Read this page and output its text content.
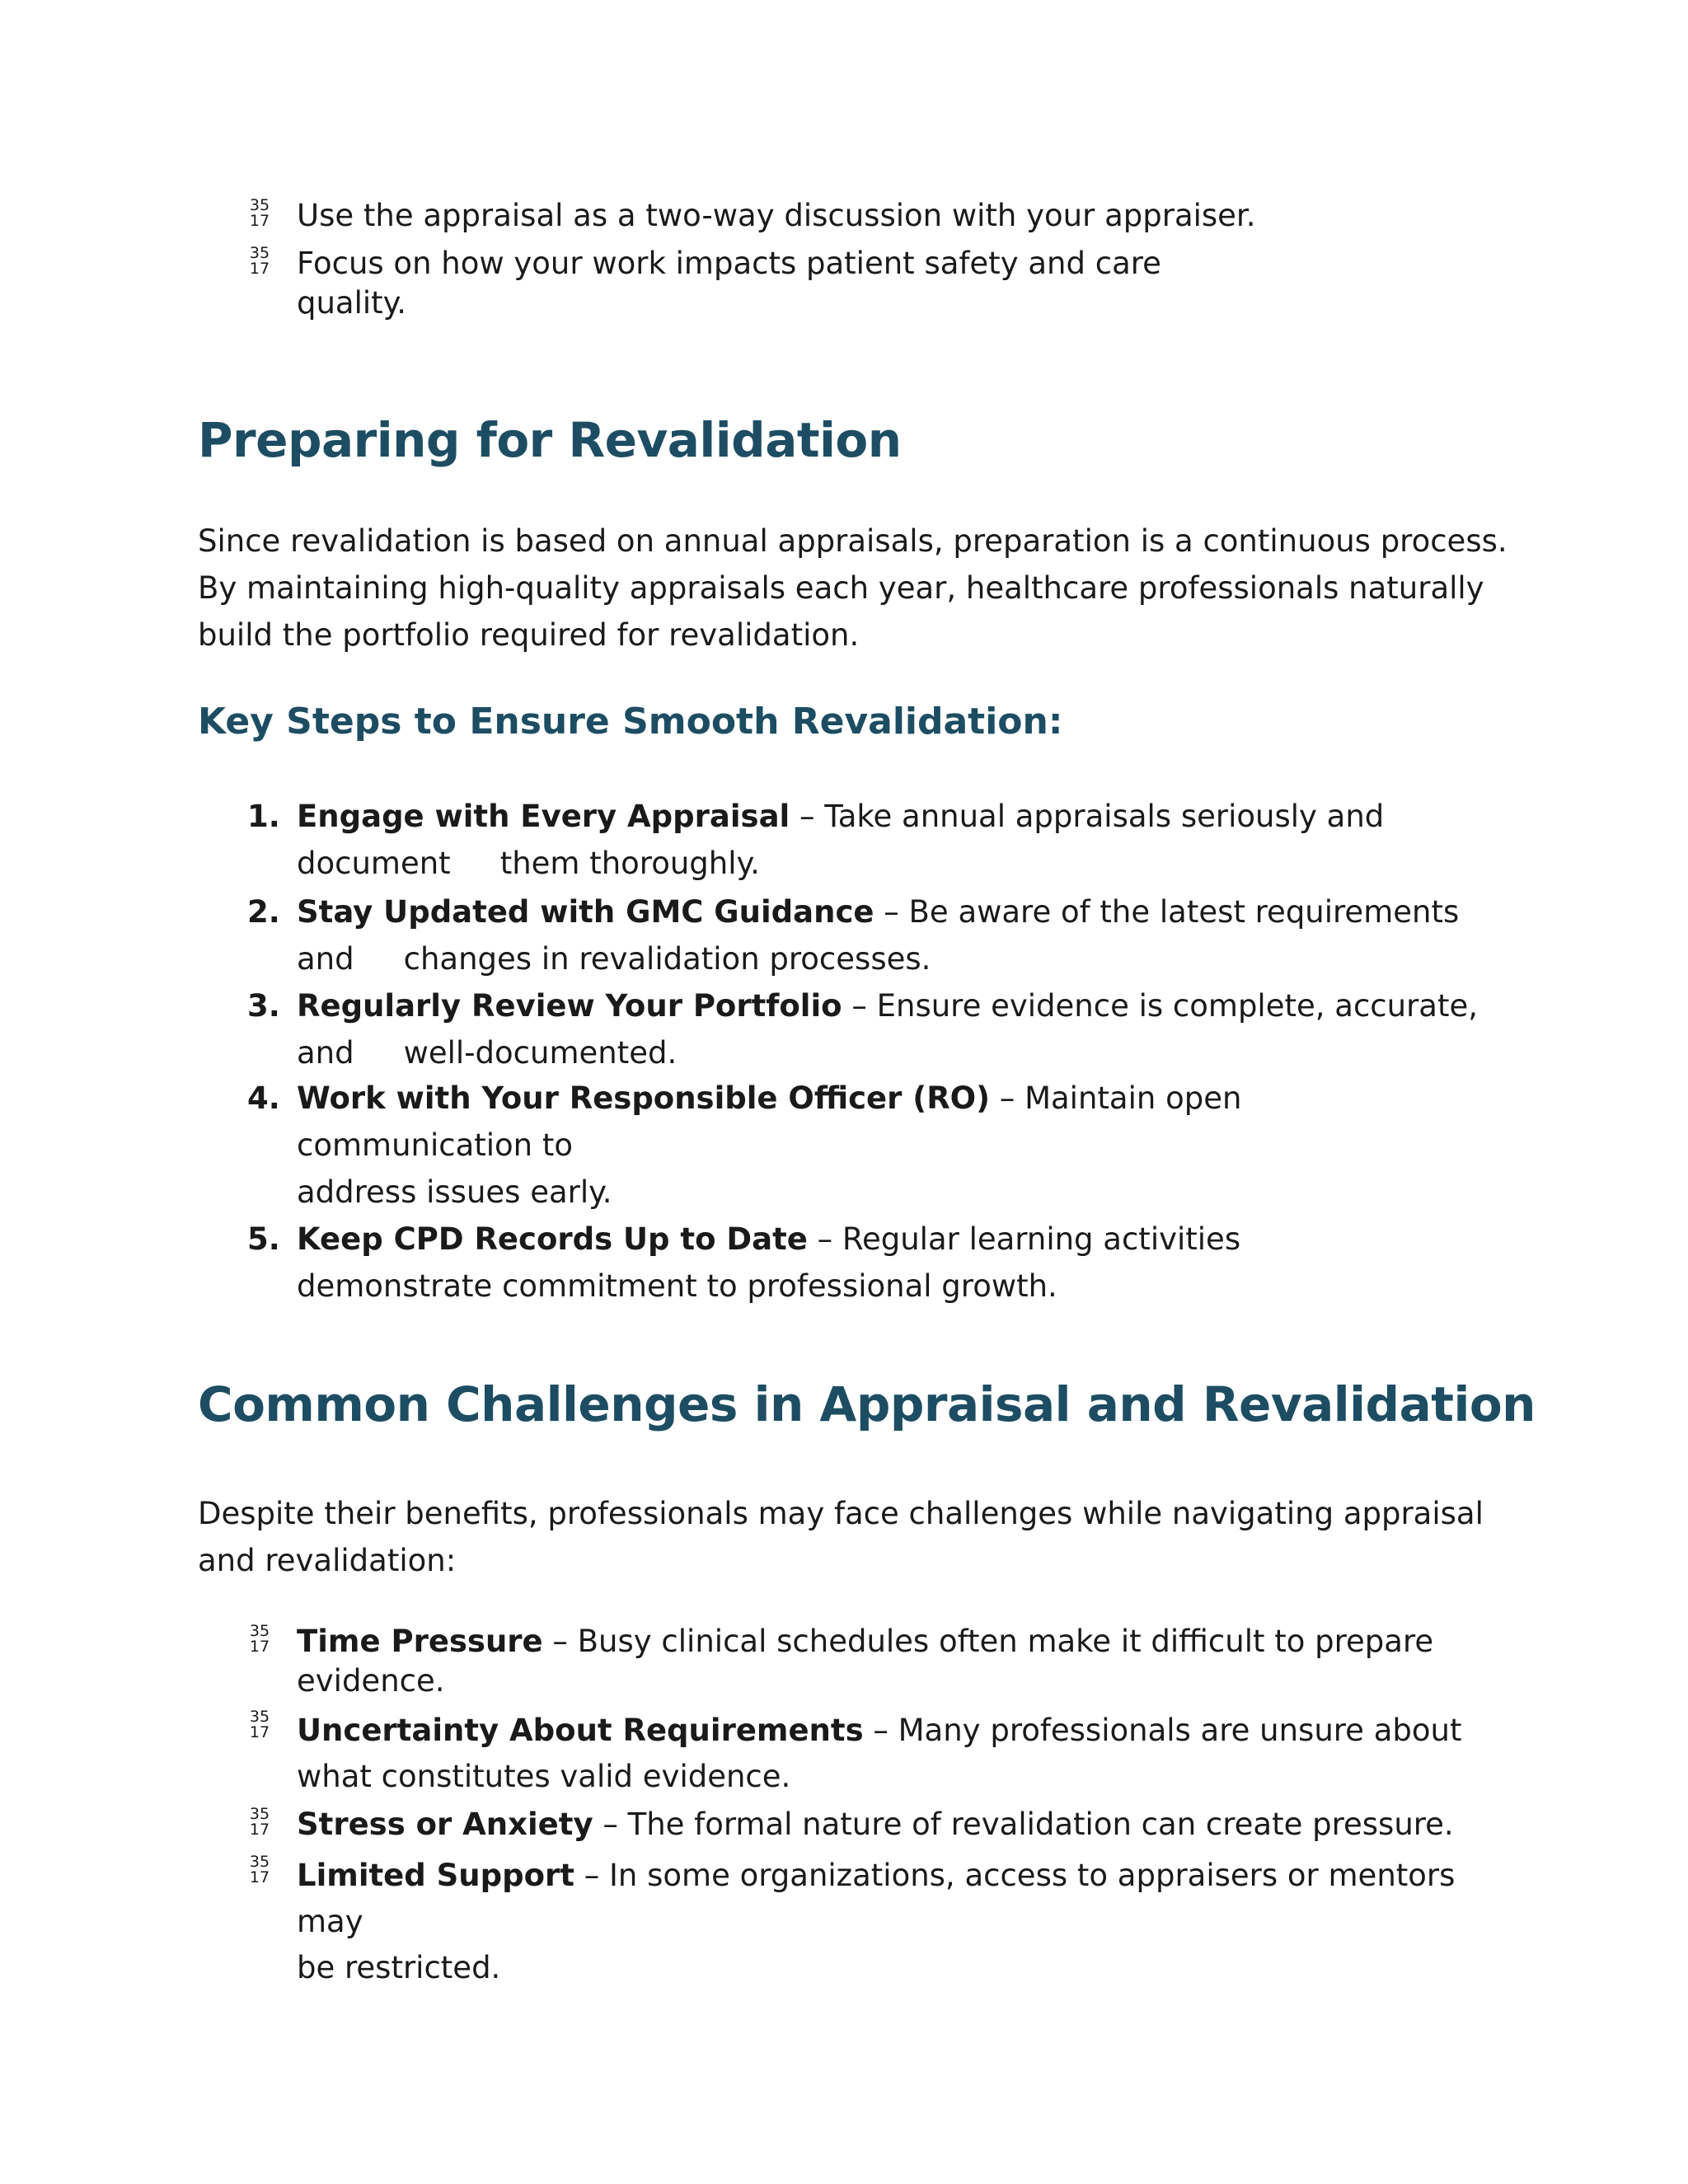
35
17 Use the appraisal as a two-way discussion with your appraiser.
35
17 Focus on how your work impacts patient safety and care
quality.
Preparing for Revalidation

Since revalidation is based on annual appraisals, preparation is a continuous process.
By maintaining high-quality appraisals each year, healthcare professionals naturally
build the portfolio required for revalidation.

Key Steps to Ensure Smooth Revalidation:
1. Engage with Every Appraisal – Take annual appraisals seriously and
document them thoroughly.
2. Stay Updated with GMC Guidance – Be aware of the latest requirements
and changes in revalidation processes.
3. Regularly Review Your Portfolio – Ensure evidence is complete, accurate,
and well-documented.
4. Work with Your Responsible Officer (RO) – Maintain open communication to
address issues early.
5. Keep CPD Records Up to Date – Regular learning activities
demonstrate commitment to professional growth.
Common Challenges in Appraisal and Revalidation

Despite their benefits, professionals may face challenges while navigating appraisal
and revalidation:

35
17 Time Pressure – Busy clinical schedules often make it difficult to prepare
evidence.
35
17 Uncertainty About Requirements – Many professionals are unsure about
what constitutes valid evidence.
35
17 Stress or Anxiety – The formal nature of revalidation can create pressure.
35
17 Limited Support – In some organizations, access to appraisers or mentors may
be restricted.
